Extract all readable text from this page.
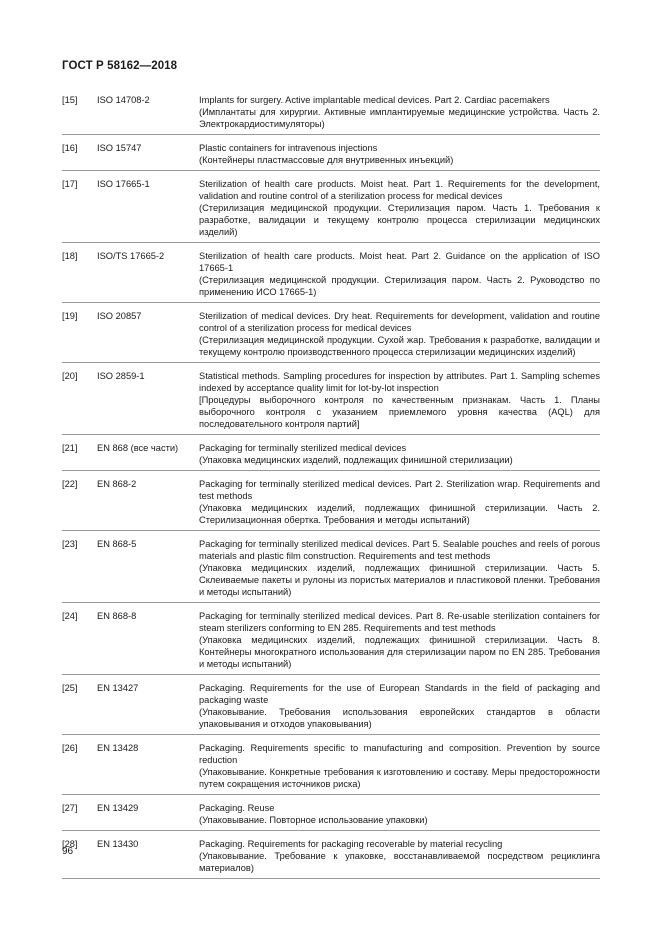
ГОСТ Р 58162—2018
[15]	ISO 14708-2	Implants for surgery. Active implantable medical devices. Part 2. Cardiac pacemakers
(Имплантаты для хирургии. Активные имплантируемые медицинские устройства. Часть 2. Электрокардиостимуляторы)
[16]	ISO 15747	Plastic containers for intravenous injections
(Контейнеры пластмассовые для внутривенных инъекций)
[17]	ISO 17665-1	Sterilization of health care products. Moist heat. Part 1. Requirements for the development, validation and routine control of a sterilization process for medical devices
(Стерилизация медицинской продукции. Стерилизация паром. Часть 1. Требования к разработке, валидации и текущему контролю процесса стерилизации медицинских изделий)
[18]	ISO/TS 17665-2	Sterilization of health care products. Moist heat. Part 2. Guidance on the application of ISO 17665-1
(Стерилизация медицинской продукции. Стерилизация паром. Часть 2. Руководство по применению ИСО 17665-1)
[19]	ISO 20857	Sterilization of medical devices. Dry heat. Requirements for development, validation and routine control of a sterilization process for medical devices
(Стерилизация медицинской продукции. Сухой жар. Требования к разработке, валидации и текущему контролю производственного процесса стерилизации медицинских изделий)
[20]	ISO 2859-1	Statistical methods. Sampling procedures for inspection by attributes. Part 1. Sampling schemes indexed by acceptance quality limit for lot-by-lot inspection
[Процедуры выборочного контроля по качественным признакам. Часть 1. Планы выборочного контроля с указанием приемлемого уровня качества (AQL) для последовательного контроля партий]
[21]	EN 868 (все части)	Packaging for terminally sterilized medical devices
(Упаковка медицинских изделий, подлежащих финишной стерилизации)
[22]	EN 868-2	Packaging for terminally sterilized medical devices. Part 2. Sterilization wrap. Requirements and test methods
(Упаковка медицинских изделий, подлежащих финишной стерилизации. Часть 2. Стерилизационная обертка. Требования и методы испытаний)
[23]	EN 868-5	Packaging for terminally sterilized medical devices. Part 5. Sealable pouches and reels of porous materials and plastic film construction. Requirements and test methods
(Упаковка медицинских изделий, подлежащих финишной стерилизации. Часть 5. Склеиваемые пакеты и рулоны из пористых материалов и пластиковой пленки. Требования и методы испытаний)
[24]	EN 868-8	Packaging for terminally sterilized medical devices. Part 8. Re-usable sterilization containers for steam sterilizers conforming to EN 285. Requirements and test methods
(Упаковка медицинских изделий, подлежащих финишной стерилизации. Часть 8. Контейнеры многократного использования для стерилизации паром по EN 285. Требования и методы испытаний)
[25]	EN 13427	Packaging. Requirements for the use of European Standards in the field of packaging and packaging waste
(Упаковывание. Требования использования европейских стандартов в области упаковывания и отходов упаковывания)
[26]	EN 13428	Packaging. Requirements specific to manufacturing and composition. Prevention by source reduction
(Упаковывание. Конкретные требования к изготовлению и составу. Меры предосторожности путем сокращения источников риска)
[27]	EN 13429	Packaging. Reuse
(Упаковывание. Повторное использование упаковки)
[28]	EN 13430	Packaging. Requirements for packaging recoverable by material recycling
(Упаковывание. Требование к упаковке, восстанавливаемой посредством рециклинга материалов)
96
